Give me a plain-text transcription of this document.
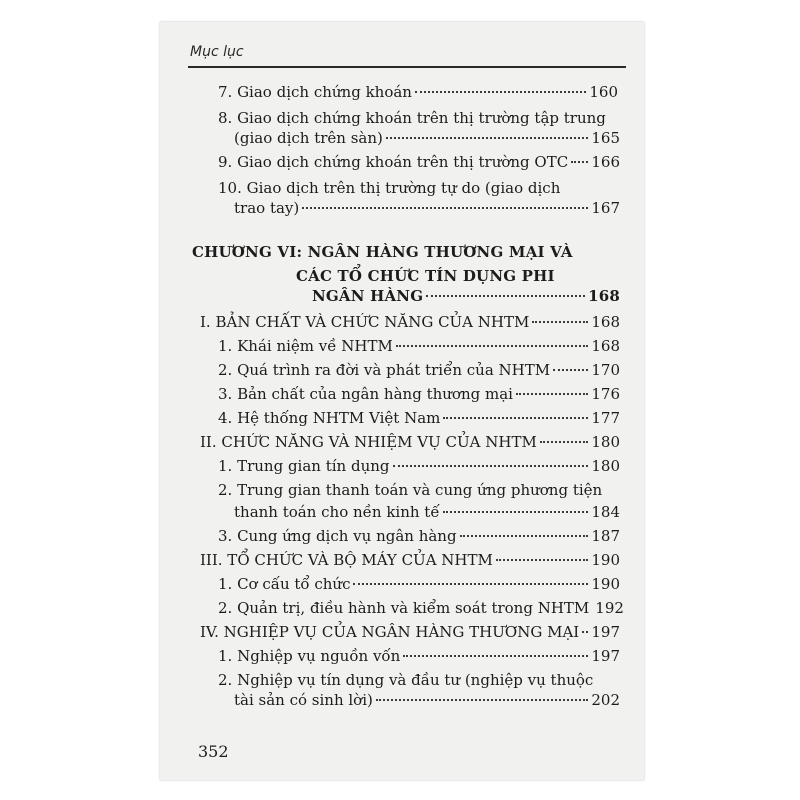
Mục lục
7. Giao dịch chứng khoán	160
8. Giao dịch chứng khoán trên thị trường tập trung
(giao dịch trên sàn)	165
9. Giao dịch chứng khoán trên thị trường OTC 166
10. Giao dịch trên thị trường tự do (giao dịch
trao tay)	167
CHƯƠNG VI: NGÂN HÀNG THƯƠNG MẠI VÀ
CÁC TỔ CHỨC TÍN DỤNG PHI
NGÂN HÀNG	168
I. BẢN CHẤT VÀ CHỨC NĂNG CỦA NHTM	168
1. Khái niệm về NHTM	168
2. Quá trình ra đời và phát triển của NHTM	170
3. Bản chất của ngân hàng thương mại	176
4. Hệ thống NHTM Việt Nam	177
II. CHỨC NĂNG VÀ NHIỆM VỤ CỦA NHTM	180
1. Trung gian tín dụng	180
2. Trung gian thanh toán và cung ứng phương tiện
thanh toán cho nền kinh tế	184
3. Cung ứng dịch vụ ngân hàng	187
III. TỔ CHỨC VÀ BỘ MÁY CỦA NHTM	190
1. Cơ cấu tổ chức	190
2. Quản trị, điều hành và kiểm soát trong NHTM 192
IV. NGHIỆP VỤ CỦA NGÂN HÀNG THƯƠNG MẠI 197
1. Nghiệp vụ nguồn vốn	197
2. Nghiệp vụ tín dụng và đầu tư (nghiệp vụ thuộc
tài sản có sinh lời)	202
352
